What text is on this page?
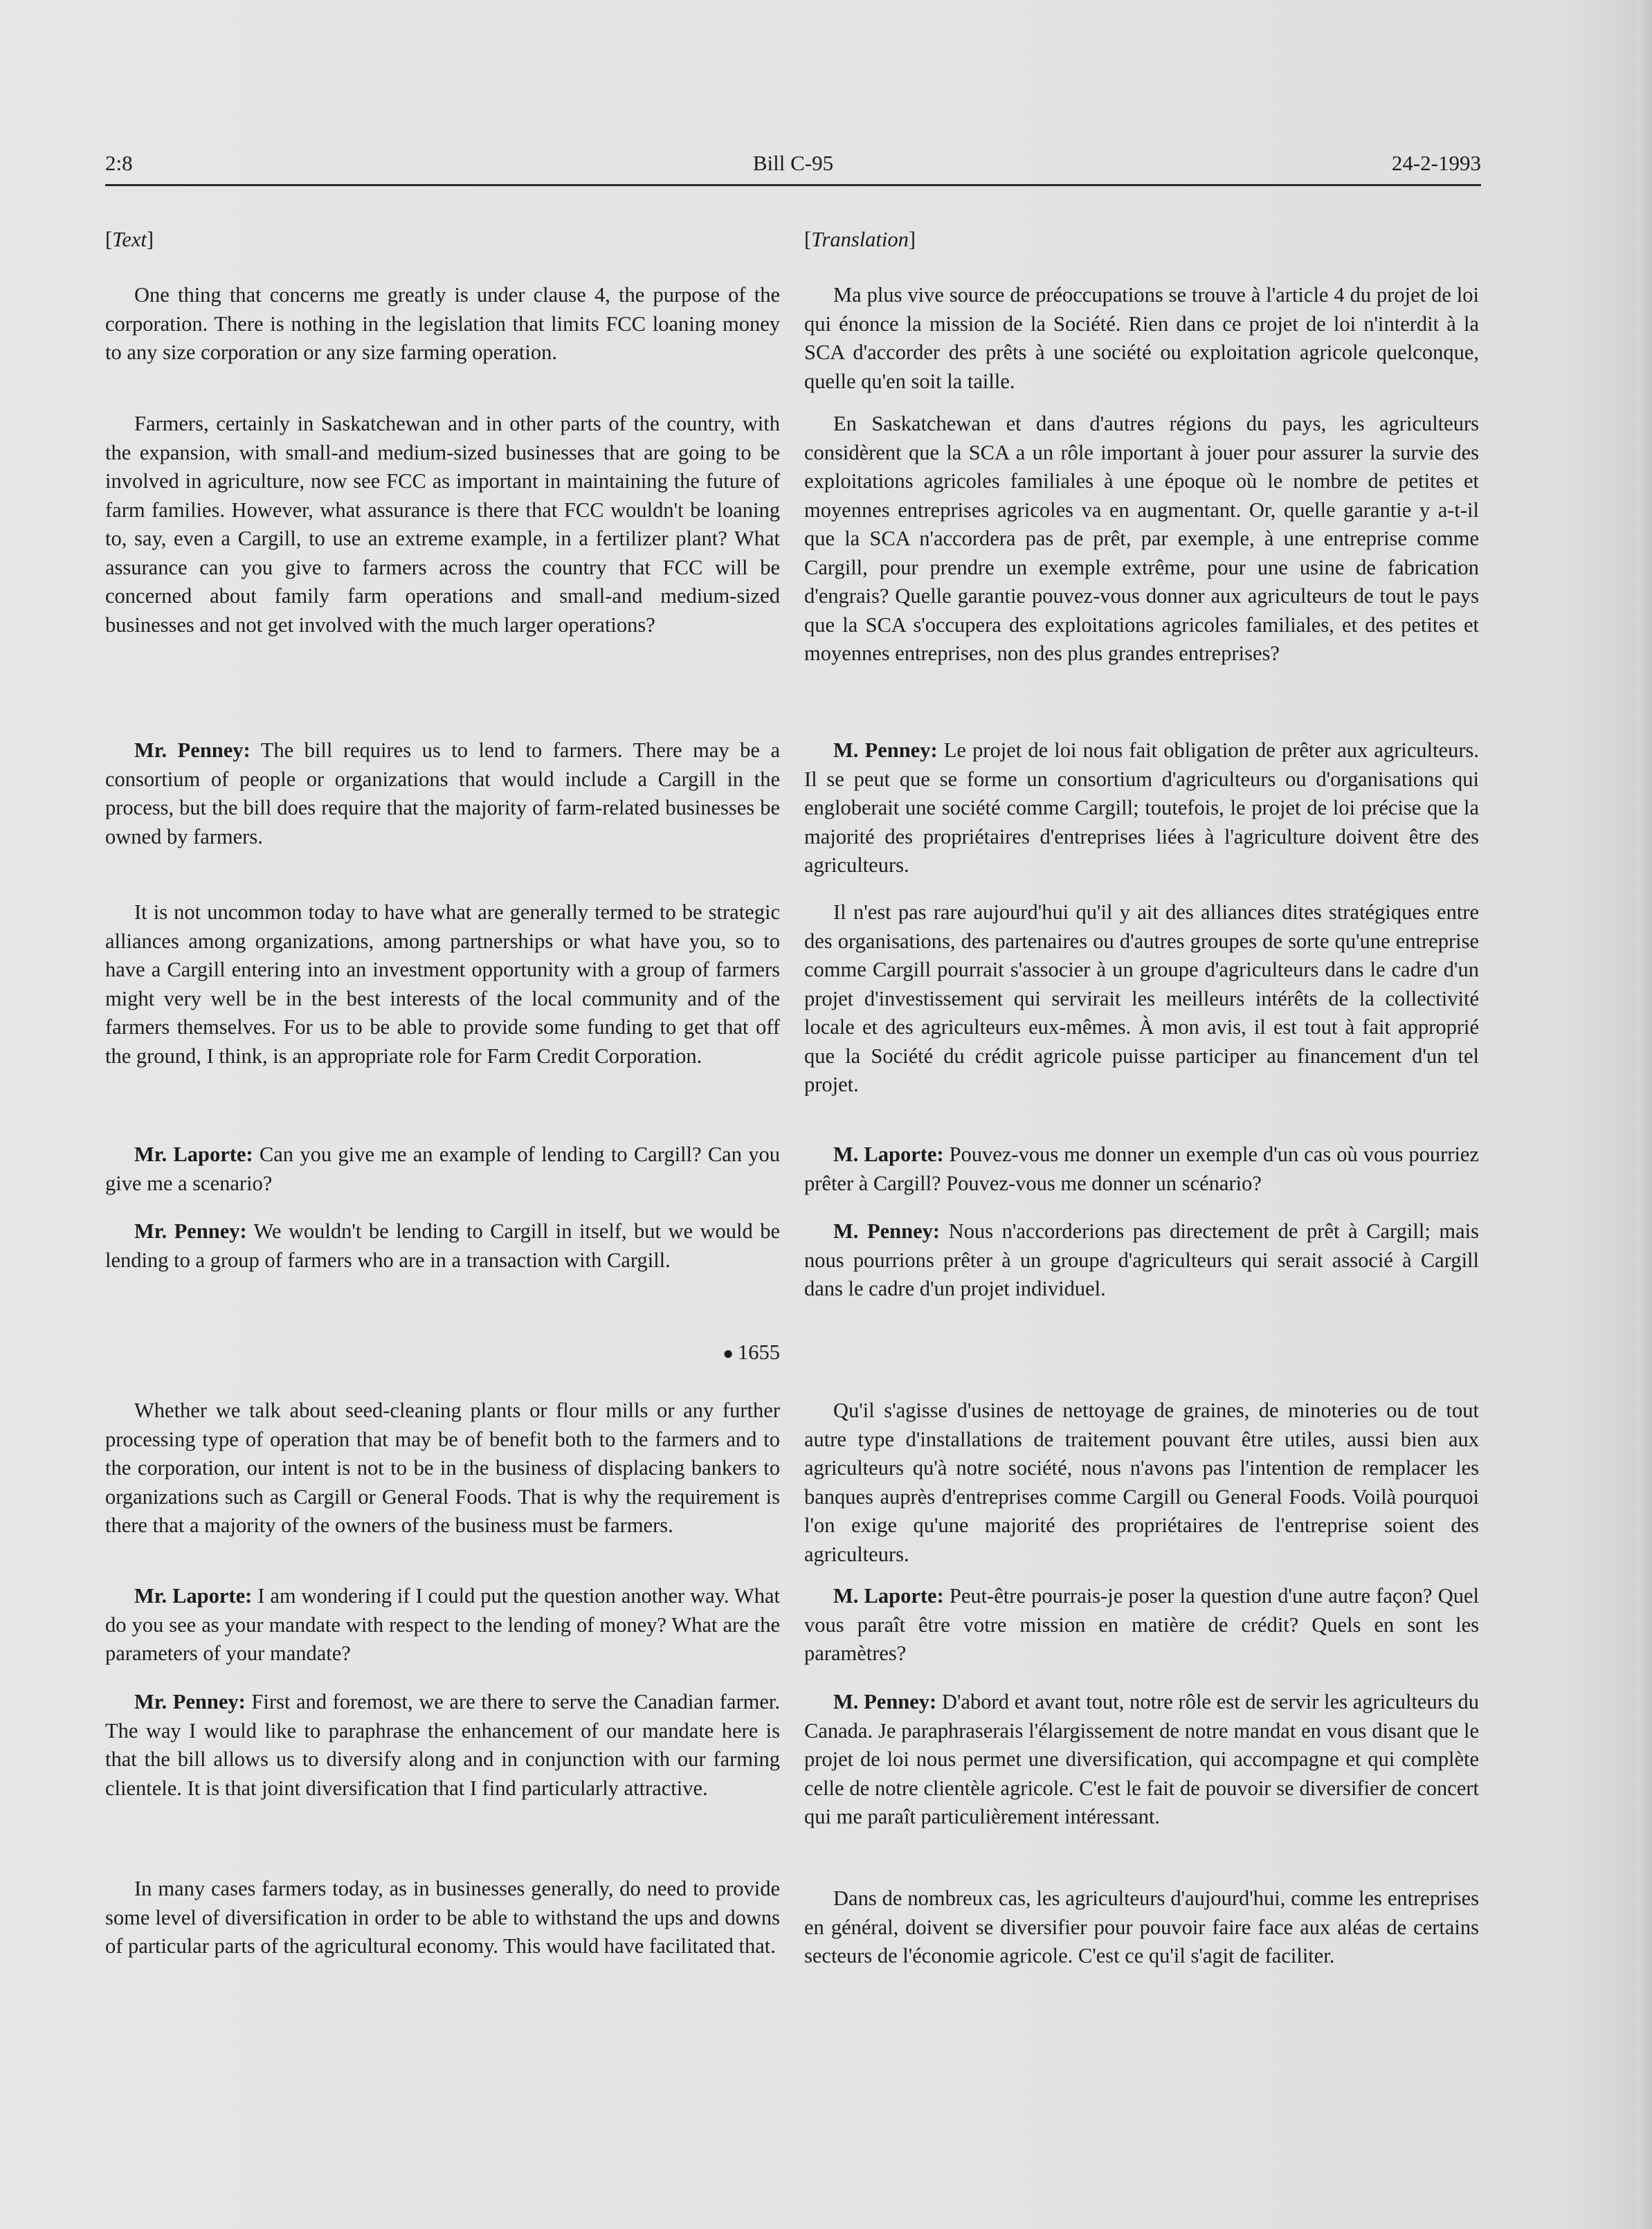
2:8	Bill C-95	24-2-1993
[ Text ]

One thing that concerns me greatly is under clause 4, the purpose of the corporation. There is nothing in the legislation that limits FCC loaning money to any size corporation or any size farming operation.

Farmers, certainly in Saskatchewan and in other parts of the country, with the expansion, with small-and medium-sized businesses that are going to be involved in agriculture, now see FCC as important in maintaining the future of farm families. However, what assurance is there that FCC wouldn't be loaning to, say, even a Cargill, to use an extreme example, in a fertilizer plant? What assurance can you give to farmers across the country that FCC will be concerned about family farm operations and small-and medium-sized businesses and not get involved with the much larger operations?

Mr. Penney: The bill requires us to lend to farmers. There may be a consortium of people or organizations that would include a Cargill in the process, but the bill does require that the majority of farm-related businesses be owned by farmers.

It is not uncommon today to have what are generally termed to be strategic alliances among organizations, among partnerships or what have you, so to have a Cargill entering into an investment opportunity with a group of farmers might very well be in the best interests of the local community and of the farmers themselves. For us to be able to provide some funding to get that off the ground, I think, is an appropriate role for Farm Credit Corporation.

Mr. Laporte: Can you give me an example of lending to Cargill? Can you give me a scenario?

Mr. Penney: We wouldn't be lending to Cargill in itself, but we would be lending to a group of farmers who are in a transaction with Cargill.

● 1655

Whether we talk about seed-cleaning plants or flour mills or any further processing type of operation that may be of benefit both to the farmers and to the corporation, our intent is not to be in the business of displacing bankers to organizations such as Cargill or General Foods. That is why the requirement is there that a majority of the owners of the business must be farmers.

Mr. Laporte: I am wondering if I could put the question another way. What do you see as your mandate with respect to the lending of money? What are the parameters of your mandate?

Mr. Penney: First and foremost, we are there to serve the Canadian farmer. The way I would like to paraphrase the enhancement of our mandate here is that the bill allows us to diversify along and in conjunction with our farming clientele. It is that joint diversification that I find particularly attractive.

In many cases farmers today, as in businesses generally, do need to provide some level of diversification in order to be able to withstand the ups and downs of particular parts of the agricultural economy. This would have facilitated that.

[ Translation ]

Ma plus vive source de préoccupations se trouve à l'article 4 du projet de loi qui énonce la mission de la Société. Rien dans ce projet de loi n'interdit à la SCA d'accorder des prêts à une société ou exploitation agricole quelconque, quelle qu'en soit la taille.

En Saskatchewan et dans d'autres régions du pays, les agriculteurs considèrent que la SCA a un rôle important à jouer pour assurer la survie des exploitations agricoles familiales à une époque où le nombre de petites et moyennes entreprises agricoles va en augmentant. Or, quelle garantie y a-t-il que la SCA n'accordera pas de prêt, par exemple, à une entreprise comme Cargill, pour prendre un exemple extrême, pour une usine de fabrication d'engrais? Quelle garantie pouvez-vous donner aux agriculteurs de tout le pays que la SCA s'occupera des exploitations agricoles familiales, et des petites et moyennes entreprises, non des plus grandes entreprises?

M. Penney: Le projet de loi nous fait obligation de prêter aux agriculteurs. Il se peut que se forme un consortium d'agriculteurs ou d'organisations qui engloberait une société comme Cargill; toutefois, le projet de loi précise que la majorité des propriétaires d'entreprises liées à l'agriculture doivent être des agriculteurs.

Il n'est pas rare aujourd'hui qu'il y ait des alliances dites stratégiques entre des organisations, des partenaires ou d'autres groupes de sorte qu'une entreprise comme Cargill pourrait s'associer à un groupe d'agriculteurs dans le cadre d'un projet d'investissement qui servirait les meilleurs intérêts de la collectivité locale et des agriculteurs eux-mêmes. À mon avis, il est tout à fait approprié que la Société du crédit agricole puisse participer au financement d'un tel projet.

M. Laporte: Pouvez-vous me donner un exemple d'un cas où vous pourriez prêter à Cargill? Pouvez-vous me donner un scénario?

M. Penney: Nous n'accorderions pas directement de prêt à Cargill; mais nous pourrions prêter à un groupe d'agriculteurs qui serait associé à Cargill dans le cadre d'un projet individuel.

Qu'il s'agisse d'usines de nettoyage de graines, de minoteries ou de tout autre type d'installations de traitement pouvant être utiles, aussi bien aux agriculteurs qu'à notre société, nous n'avons pas l'intention de remplacer les banques auprès d'entreprises comme Cargill ou General Foods. Voilà pourquoi l'on exige qu'une majorité des propriétaires de l'entreprise soient des agriculteurs.

M. Laporte: Peut-être pourrais-je poser la question d'une autre façon? Quel vous paraît être votre mission en matière de crédit? Quels en sont les paramètres?

M. Penney: D'abord et avant tout, notre rôle est de servir les agriculteurs du Canada. Je paraphraserais l'élargissement de notre mandat en vous disant que le projet de loi nous permet une diversification, qui accompagne et qui complète celle de notre clientèle agricole. C'est le fait de pouvoir se diversifier de concert qui me paraît particulièrement intéressant.

Dans de nombreux cas, les agriculteurs d'aujourd'hui, comme les entreprises en général, doivent se diversifier pour pouvoir faire face aux aléas de certains secteurs de l'économie agricole. C'est ce qu'il s'agit de faciliter.
